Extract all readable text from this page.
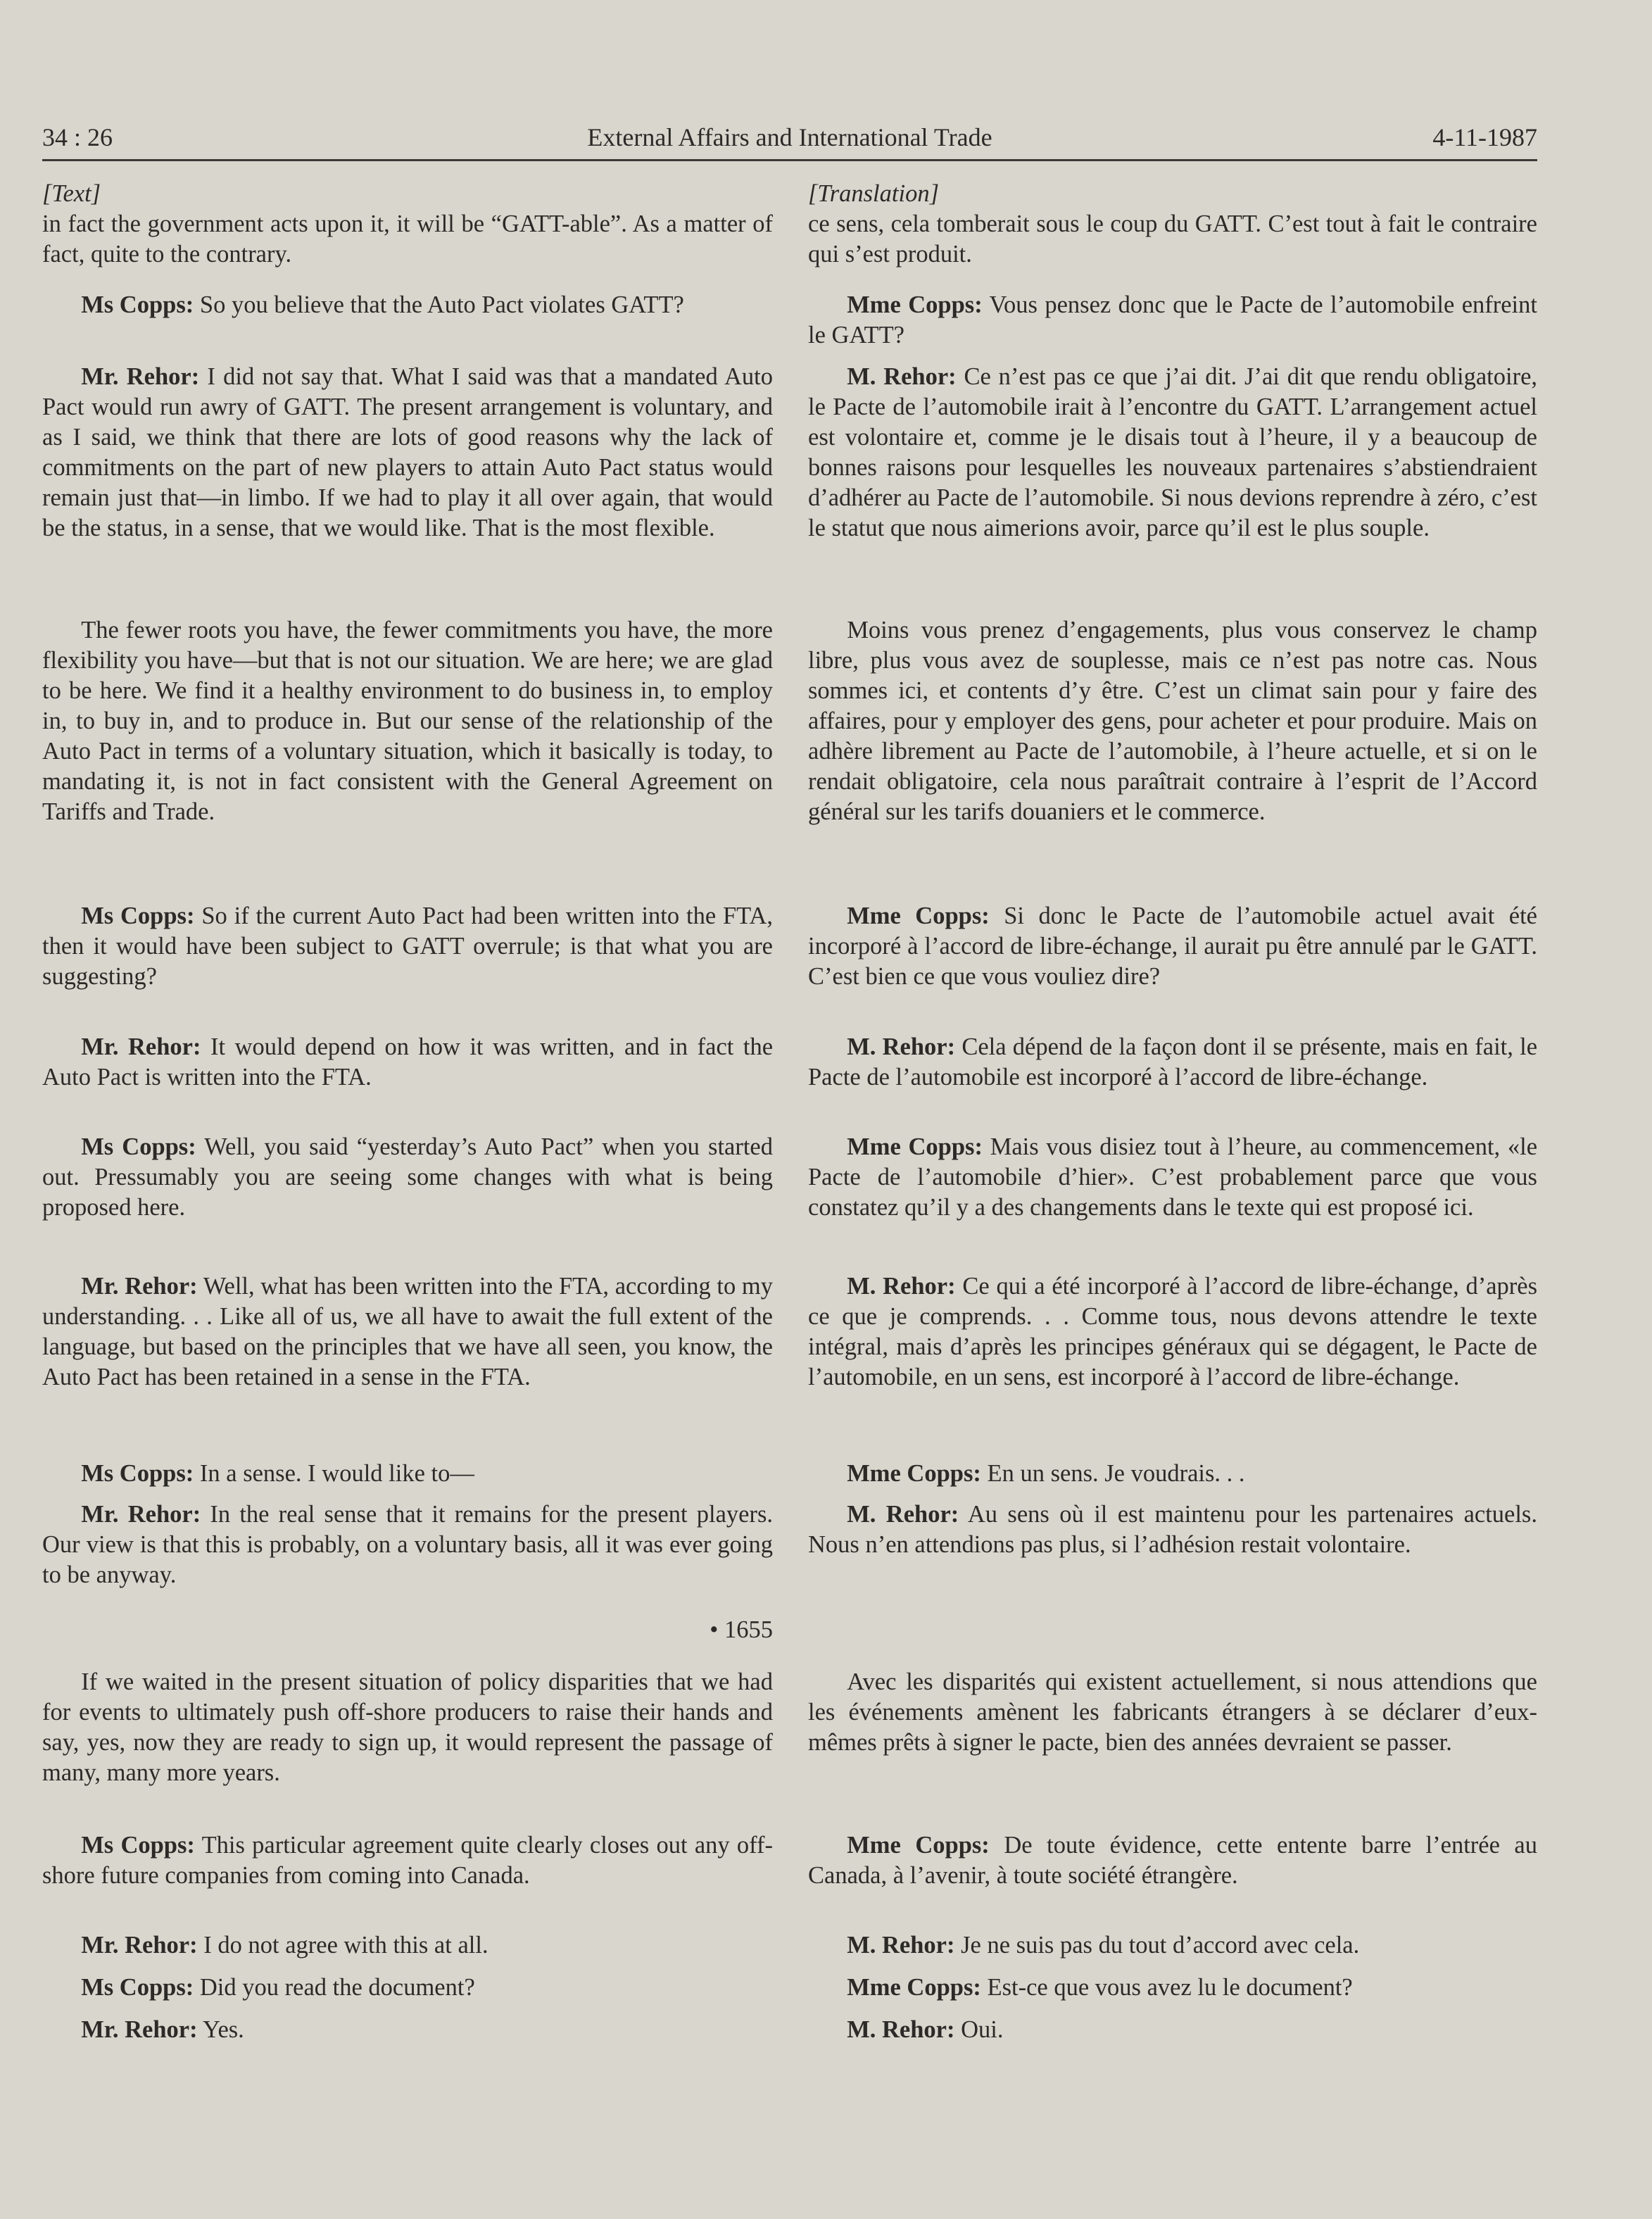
34 : 26	External Affairs and International Trade	4-11-1987
[Text]

in fact the government acts upon it, it will be “GATT-able”. As a matter of fact, quite to the contrary.

Ms Copps: So you believe that the Auto Pact violates GATT?

Mr. Rehor: I did not say that. What I said was that a mandated Auto Pact would run awry of GATT. The present arrangement is voluntary, and as I said, we think that there are lots of good reasons why the lack of commitments on the part of new players to attain Auto Pact status would remain just that—in limbo. If we had to play it all over again, that would be the status, in a sense, that we would like. That is the most flexible.

The fewer roots you have, the fewer commitments you have, the more flexibility you have—but that is not our situation. We are here; we are glad to be here. We find it a healthy environment to do business in, to employ in, to buy in, and to produce in. But our sense of the relationship of the Auto Pact in terms of a voluntary situation, which it basically is today, to mandating it, is not in fact consistent with the General Agreement on Tariffs and Trade.

Ms Copps: So if the current Auto Pact had been written into the FTA, then it would have been subject to GATT overrule; is that what you are suggesting?

Mr. Rehor: It would depend on how it was written, and in fact the Auto Pact is written into the FTA.

Ms Copps: Well, you said “yesterday’s Auto Pact” when you started out. Pressumably you are seeing some changes with what is being proposed here.

Mr. Rehor: Well, what has been written into the FTA, according to my understanding. . . Like all of us, we all have to await the full extent of the language, but based on the principles that we have all seen, you know, the Auto Pact has been retained in a sense in the FTA.

Ms Copps: In a sense. I would like to—

Mr. Rehor: In the real sense that it remains for the present players. Our view is that this is probably, on a voluntary basis, all it was ever going to be anyway.

• 1655

If we waited in the present situation of policy disparities that we had for events to ultimately push off-shore producers to raise their hands and say, yes, now they are ready to sign up, it would represent the passage of many, many more years.

Ms Copps: This particular agreement quite clearly closes out any off-shore future companies from coming into Canada.

Mr. Rehor: I do not agree with this at all.

Ms Copps: Did you read the document?

Mr. Rehor: Yes.

[Translation]

ce sens, cela tomberait sous le coup du GATT. C’est tout à fait le contraire qui s’est produit.

Mme Copps: Vous pensez donc que le Pacte de l’automobile enfreint le GATT?

M. Rehor: Ce n’est pas ce que j’ai dit. J’ai dit que rendu obligatoire, le Pacte de l’automobile irait à l’encontre du GATT. L’arrangement actuel est volontaire et, comme je le disais tout à l’heure, il y a beaucoup de bonnes raisons pour lesquelles les nouveaux partenaires s’abstiendraient d’adhérer au Pacte de l’automobile. Si nous devions reprendre à zéro, c’est le statut que nous aimerions avoir, parce qu’il est le plus souple.

Moins vous prenez d’engagements, plus vous conservez le champ libre, plus vous avez de souplesse, mais ce n’est pas notre cas. Nous sommes ici, et contents d’y être. C’est un climat sain pour y faire des affaires, pour y employer des gens, pour acheter et pour produire. Mais on adhère librement au Pacte de l’automobile, à l’heure actuelle, et si on le rendait obligatoire, cela nous paraîtrait contraire à l’esprit de l’Accord général sur les tarifs douaniers et le commerce.

Mme Copps: Si donc le Pacte de l’automobile actuel avait été incorporé à l’accord de libre-échange, il aurait pu être annulé par le GATT. C’est bien ce que vous vouliez dire?

M. Rehor: Cela dépend de la façon dont il se présente, mais en fait, le Pacte de l’automobile est incorporé à l’accord de libre-échange.

Mme Copps: Mais vous disiez tout à l’heure, au commencement, «le Pacte de l’automobile d’hier». C’est probablement parce que vous constatez qu’il y a des changements dans le texte qui est proposé ici.

M. Rehor: Ce qui a été incorporé à l’accord de libre-échange, d’après ce que je comprends. . . Comme tous, nous devons attendre le texte intégral, mais d’après les principes généraux qui se dégagent, le Pacte de l’automobile, en un sens, est incorporé à l’accord de libre-échange.

Mme Copps: En un sens. Je voudrais. . .

M. Rehor: Au sens où il est maintenu pour les partenaires actuels. Nous n’en attendions pas plus, si l’adhésion restait volontaire.

Avec les disparités qui existent actuellement, si nous attendions que les événements amènent les fabricants étrangers à se déclarer d’eux-mêmes prêts à signer le pacte, bien des années devraient se passer.

Mme Copps: De toute évidence, cette entente barre l’entrée au Canada, à l’avenir, à toute société étrangère.

M. Rehor: Je ne suis pas du tout d’accord avec cela.

Mme Copps: Est-ce que vous avez lu le document?

M. Rehor: Oui.
